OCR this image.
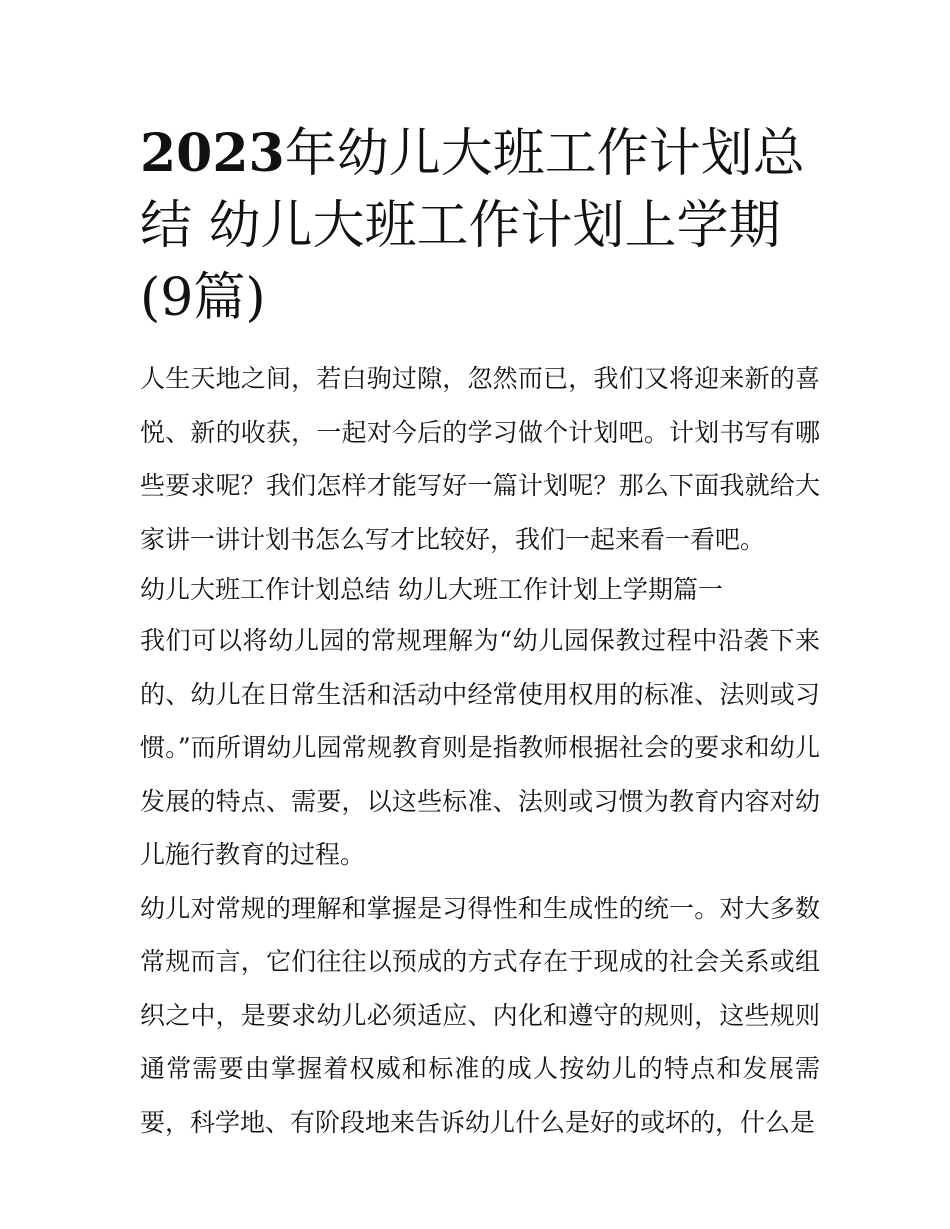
2023年幼儿大班工作计划总结 幼儿大班工作计划上学期(9篇)

人生天地之间，若白驹过隙，忽然而已，我们又将迎来新的喜悦、新的收获，一起对今后的学习做个计划吧。计划书写有哪些要求呢？我们怎样才能写好一篇计划呢？那么下面我就给大家讲一讲计划书怎么写才比较好，我们一起来看一看吧。

幼儿大班工作计划总结 幼儿大班工作计划上学期篇一

我们可以将幼儿园的常规理解为“幼儿园保教过程中沿袭下来的、幼儿在日常生活和活动中经常使用权用的标准、法则或习惯。”而所谓幼儿园常规教育则是指教师根据社会的要求和幼儿发展的特点、需要，以这些标准、法则或习惯为教育内容对幼儿施行教育的过程。

幼儿对常规的理解和掌握是习得性和生成性的统一。对大多数常规而言，它们往往以预成的方式存在于现成的社会关系或组织之中，是要求幼儿必须适应、内化和遵守的规则，这些规则通常需要由掌握着权威和标准的成人按幼儿的特点和发展需要，科学地、有阶段地来告诉幼儿什么是好的或坏的，什么是
